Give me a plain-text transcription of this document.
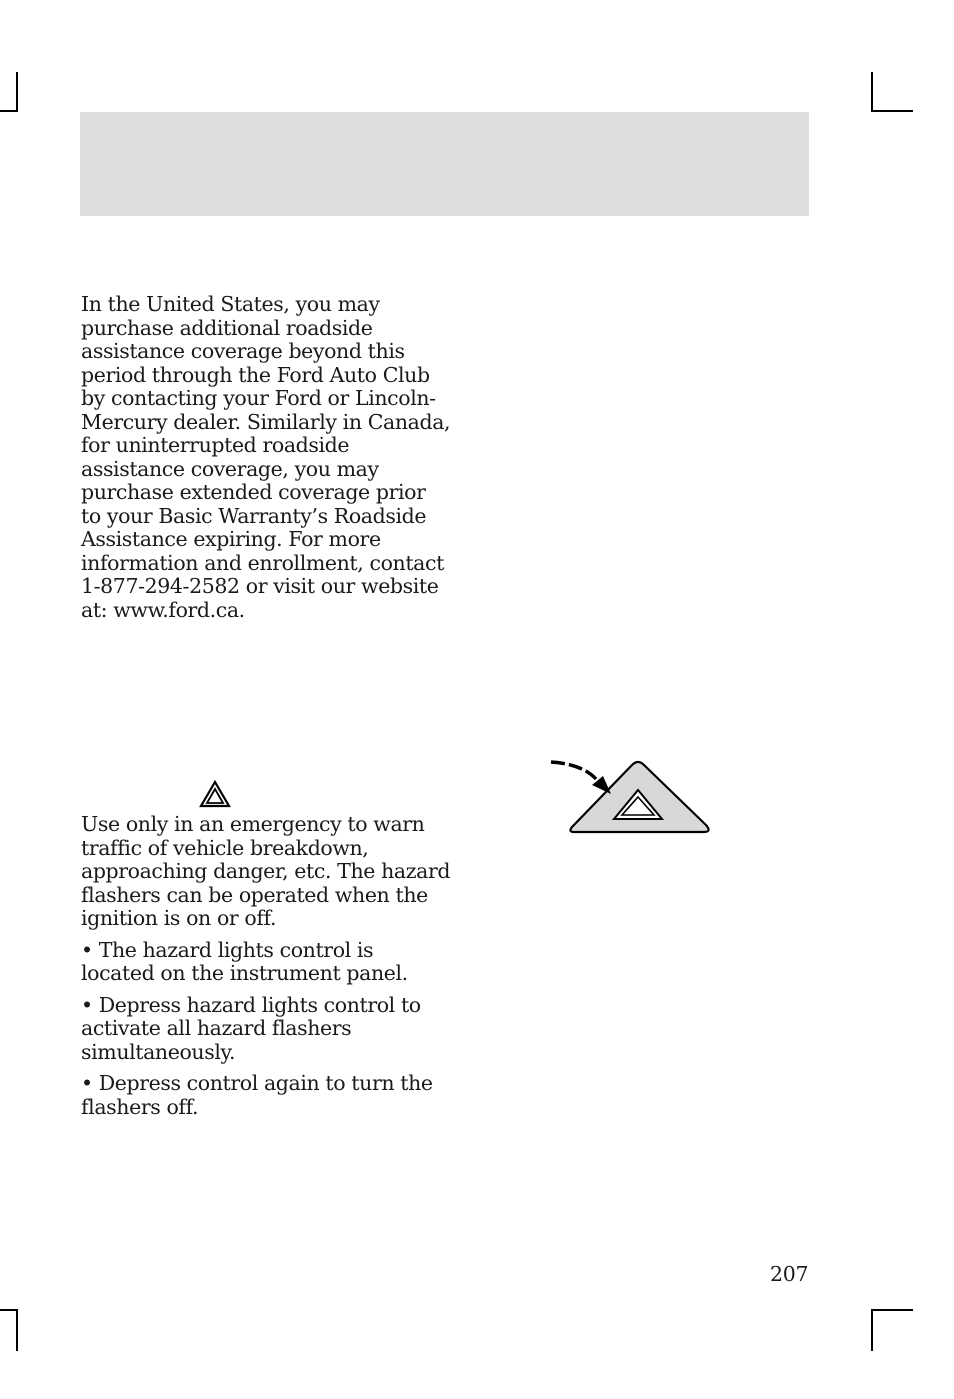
In the United States, you may purchase additional roadside assistance coverage beyond this period through the Ford Auto Club by contacting your Ford or Lincoln-Mercury dealer. Similarly in Canada, for uninterrupted roadside assistance coverage, you may purchase extended coverage prior to your Basic Warranty’s Roadside Assistance expiring. For more information and enrollment, contact 1-877-294-2582 or visit our website at: www.ford.ca.

Use only in an emergency to warn traffic of vehicle breakdown, approaching danger, etc. The hazard flashers can be operated when the ignition is on or off.

• The hazard lights control is located on the instrument panel.

• Depress hazard lights control to activate all hazard flashers simultaneously.

• Depress control again to turn the flashers off.

207
